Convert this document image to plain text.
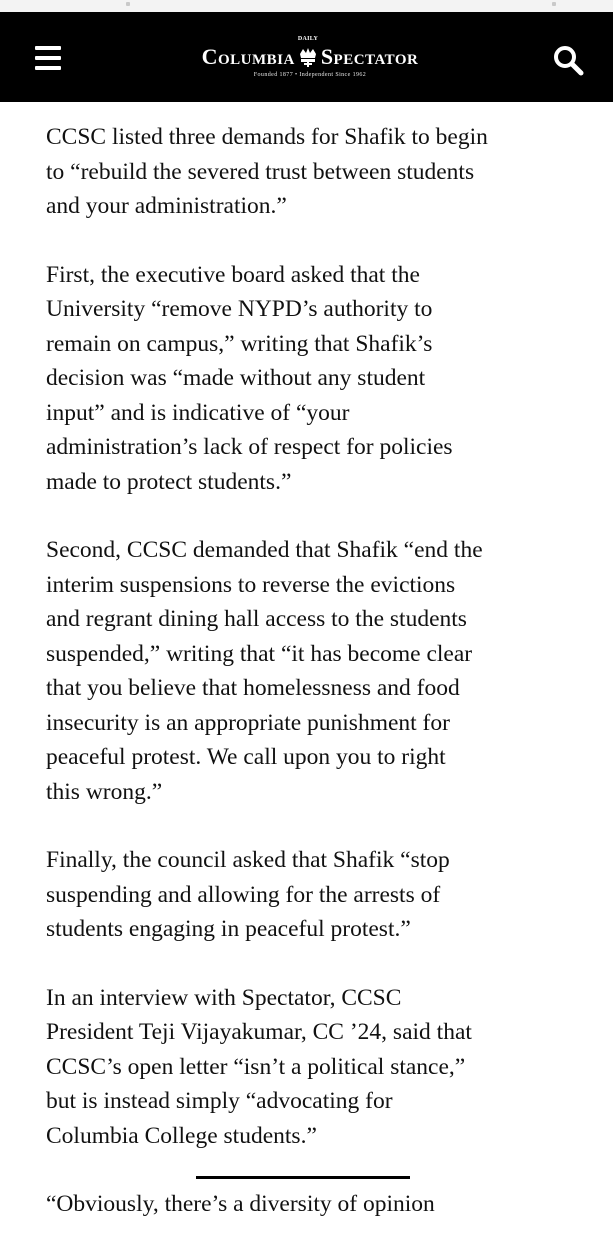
Columbia
DAILY
Spectator
Founded 1877 • Independent Since 1962

CCSC listed three demands for Shafik to begin
to “rebuild the severed trust between students
and your administration.”

First, the executive board asked that the
University “remove NYPD’s authority to
remain on campus,” writing that Shafik’s
decision was “made without any student
input” and is indicative of “your
administration’s lack of respect for policies
made to protect students.”

Second, CCSC demanded that Shafik “end the
interim suspensions to reverse the evictions
and regrant dining hall access to the students
suspended,” writing that “it has become clear
that you believe that homelessness and food
insecurity is an appropriate punishment for
peaceful protest. We call upon you to right
this wrong.”

Finally, the council asked that Shafik “stop
suspending and allowing for the arrests of
students engaging in peaceful protest.”

In an interview with Spectator, CCSC
President Teji Vijayakumar, CC ’24, said that
CCSC’s open letter “isn’t a political stance,”
but is instead simply “advocating for
Columbia College students.”

“Obviously, there’s a diversity of opinion
